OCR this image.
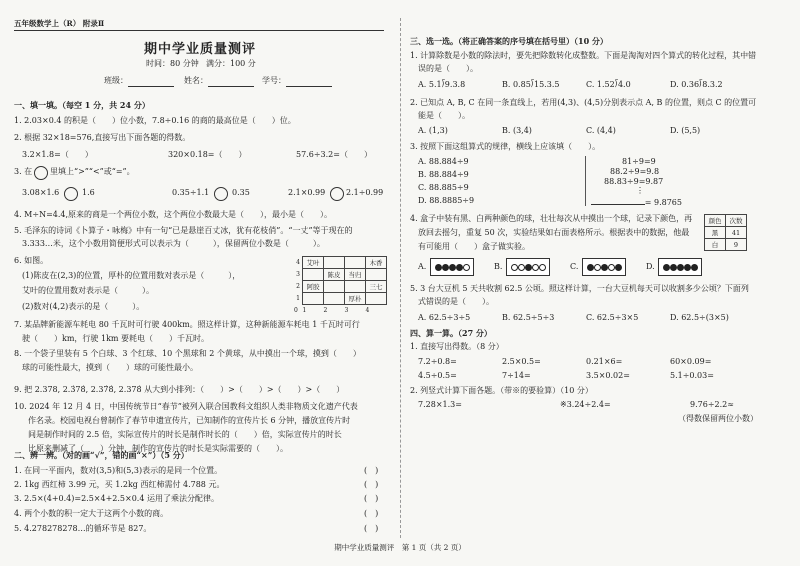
五年级数学上（R） 附录Ⅱ
期中学业质量测评
时间：80 分钟 满分：100 分
班级：	姓名：	学号：
一、填一填。（每空 1 分，共 24 分）
1. 2.03×0.4 的积是（　　）位小数，7.8÷0.16 的商的最高位是（　　）位。
2. 根据 32×18=576,直接写出下面各题的得数。
3.2×1.8=（　　）	320×0.18=（　　）	57.6÷3.2=（　　）
3. 在 里填上“>”“<”或“=”。
3.08×1.6	1.6	0.35÷1.1	0.35	2.1×0.99	2.1÷0.99
4. M÷N=4.4,原来的商是一个两位小数，这个两位小数最大是（　　），最小是（　　）。
5. 毛泽东的诗词《卜算子・咏梅》中有一句“已是悬崖百丈冰，犹有花枝俏”。“一丈”等于现在的
3.333…米，这个小数用简便形式可以表示为（　　　），保留两位小数是（　　　）。
6. 如图。
(1)陈皮在(2,3)的位置，厚朴的位置用数对表示是（　　　），
艾叶的位置用数对表示是（　　　）。
(2)数对(4,2)表示的是（　　　）。
4	艾叶			木香
3		陈皮	当归	
2	阿胶			三七
1			厚朴	
0	1	2	3	4
7. 某品牌新能源车耗电 80 千瓦时可行驶 400km。照这样计算，这种新能源车耗电 1 千瓦时可行
驶（　　）km，行驶 1km 要耗电（　　）千瓦时。
8. 一个袋子里装有 5 个白球、3 个红球、10 个黑球和 2 个黄球，从中摸出一个球，摸到（　　）
球的可能性最大，摸到（　　）球的可能性最小。
9. 把 2.378, 2.3̇78̇, 2.37̇8̇, 2.378̇ 从大到小排列：（　　）>（　　）>（　　）>（　　）
10. 2024 年 12 月 4 日，中国传统节日“春节”被列入联合国教科文组织人类非物质文化遗产代表
作名录。校园电视台曾制作了春节申遗宣传片，已知制作的宣传片长 6 分钟，播放宣传片时
间是制作时间的 2.5 倍，实际宣传片的时长是制作时长的（　　）倍，实际宣传片的时长
比原来删减了（　　）分钟，制作的宣传片的时长是实际需要的（　　）。
二、辨一辨。（对的画“√”，错的画“×”）（5 分）
1. 在同一平面内，数对(3,5)和(5,3)表示的是同一个位置。
2. 1kg 西红柿 3.99 元，买 1.2kg 西红柿需付 4.788 元。
3. 2.5×(4+0.4)=2.5×4+2.5×0.4 运用了乘法分配律。
4. 两个小数的积一定大于这两个小数的商。
5. 4.278278278…的循环节是 827。
(　)
(　)
(　)
(　)
(　)
三、选一选。（将正确答案的序号填在括号里）（10 分）
1. 计算除数是小数的除法时，要先把除数转化成整数。下面是淘淘对四个算式的转化过程，其中错
误的是（　　）。
A. 5.1⟌9.3.8	B. 0.85⟌15.3.5	C. 1.52⟌4.0	D. 0.36⟌8.3.2
2. 已知点 A, B, C 在同一条直线上，若用(4,3)、(4,5)分别表示点 A, B 的位置，则点 C 的位置可
能是（　　）。
A. (1,3)	B. (3,4)	C. (4,4)	D. (5,5)
3. 按照下面这组算式的规律，横线上应该填（　　）。
A. 88.884÷9
B. 88.884÷9
C. 88.885÷9
D. 88.8885÷9
81÷9=9
88.2÷9=9.8
88.83÷9=9.87
⋮
= 9.8765
4. 盒子中装有黑、白两种颜色的球，壮壮每次从中摸出一个球，记录下颜色，再
放回去摇匀，重复 50 次，实验结果如右面表格所示。根据表中的数据，他最
有可能用（　　）盒子做实验。
颜色	次数
黑	41
白	9
A.	B.	C.	D.
5. 3 台大豆机 5 天共收割 62.5 公顷。照这样计算，一台大豆机每天可以收割多少公顷？下面列
式错误的是（　　）。
A. 62.5÷3÷5	B. 62.5÷5÷3	C. 62.5÷3×5	D. 62.5÷(3×5)
四、算一算。（27 分）
1. 直接写出得数。（8 分）
7.2÷0.8=	2.5×0.5=	0.21×6=	60×0.09=
4.5÷0.5=	7÷14=	3.5×0.02=	5.1÷0.03=
2. 列竖式计算下面各题。（带※的要验算）（10 分）
7.28×1.3=	※3.24÷2.4=	9.76÷2.2≈
（得数保留两位小数）
期中学业质量测评　第 1 页（共 2 页）
